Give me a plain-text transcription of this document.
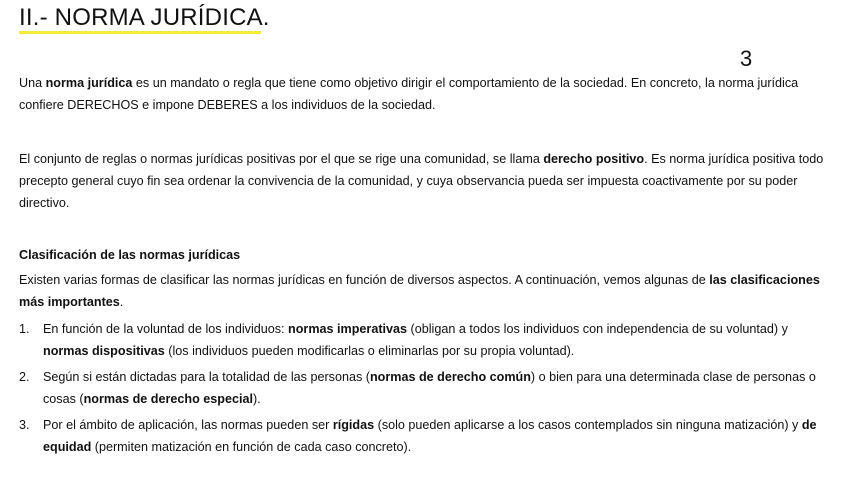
II.- NORMA JURÍDICA.
3

Una norma jurídica es un mandato o regla que tiene como objetivo dirigir el comportamiento de la sociedad. En concreto, la norma jurídica confiere DERECHOS e impone DEBERES a los individuos de la sociedad.

El conjunto de reglas o normas jurídicas positivas por el que se rige una comunidad, se llama derecho positivo. Es norma jurídica positiva todo precepto general cuyo fin sea ordenar la convivencia de la comunidad, y cuya observancia pueda ser impuesta coactivamente por su poder directivo.

Clasificación de las normas jurídicas

Existen varias formas de clasificar las normas jurídicas en función de diversos aspectos. A continuación, vemos algunas de las clasificaciones más importantes.

1. En función de la voluntad de los individuos: normas imperativas (obligan a todos los individuos con independencia de su voluntad) y normas dispositivas (los individuos pueden modificarlas o eliminarlas por su propia voluntad).
2. Según si están dictadas para la totalidad de las personas (normas de derecho común) o bien para una determinada clase de personas o cosas (normas de derecho especial).
3. Por el ámbito de aplicación, las normas pueden ser rígidas (solo pueden aplicarse a los casos contemplados sin ninguna matización) y de equidad (permiten matización en función de cada caso concreto).
